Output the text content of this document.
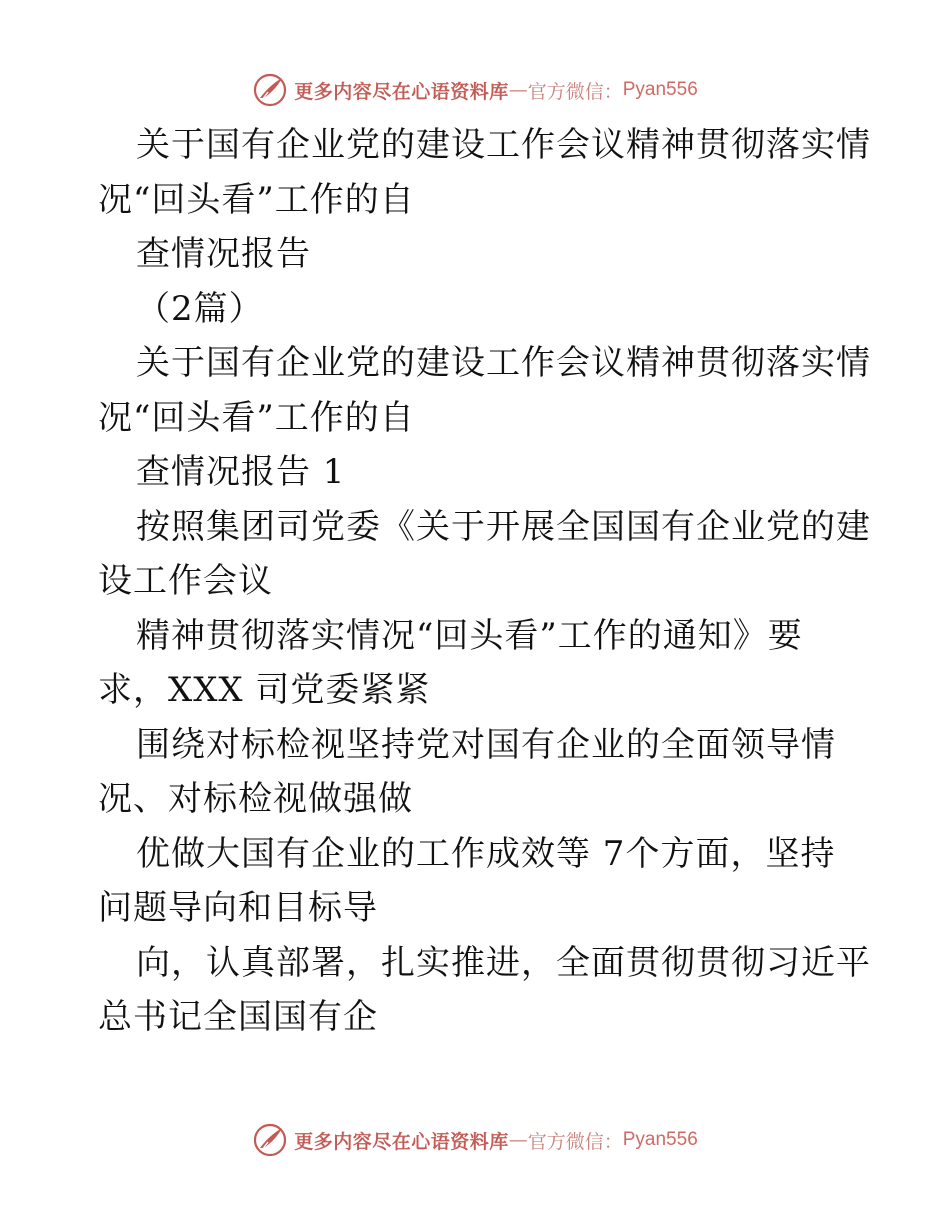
更多内容尽在心语资料库 — 官方微信： Pyan556
关于国有企业党的建设工作会议精神贯彻落实情
况“回头看”工作的自
查情况报告
（2篇）
关于国有企业党的建设工作会议精神贯彻落实情
况“回头看”工作的自
查情况报告 1
按照集团司党委《关于开展全国国有企业党的建
设工作会议
精神贯彻落实情况“回头看”工作的通知》要
求，XXX 司党委紧紧
围绕对标检视坚持党对国有企业的全面领导情
况、对标检视做强做
优做大国有企业的工作成效等 7个方面，坚持
问题导向和目标导
向，认真部署，扎实推进，全面贯彻贯彻习近平
总书记全国国有企
更多内容尽在心语资料库 — 官方微信： Pyan556
